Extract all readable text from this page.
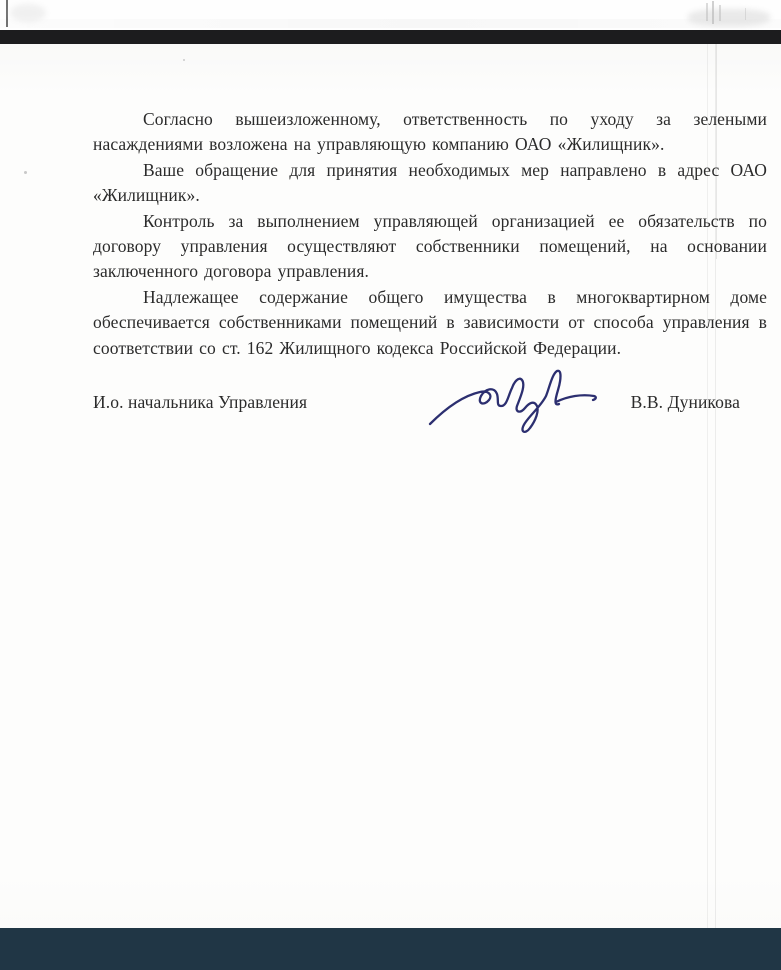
Согласно вышеизложенному, ответственность по уходу за зелеными насаждениями возложена на управляющую компанию ОАО «Жилищник».

Ваше обращение для принятия необходимых мер направлено в адрес ОАО «Жилищник».

Контроль за выполнением управляющей организацией ее обязательств по договору управления осуществляют собственники помещений, на основании заключенного договора управления.

Надлежащее содержание общего имущества в многоквартирном доме обеспечивается собственниками помещений в зависимости от способа управления в соответствии со ст. 162 Жилищного кодекса Российской Федерации.

И.о. начальника Управления	В.В. Дуникова
